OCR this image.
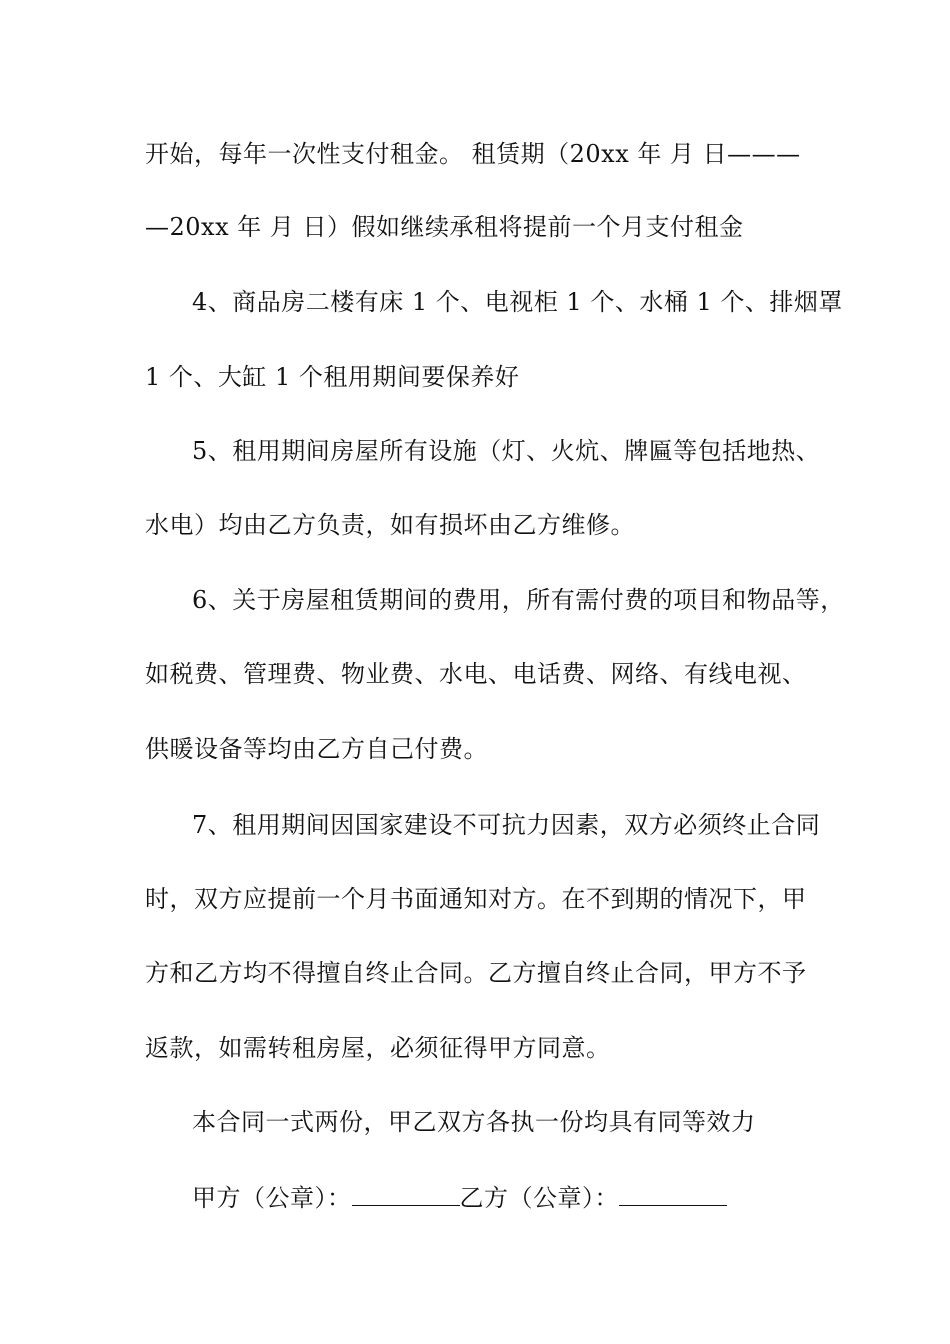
开始，每年一次性支付租金。 租赁期（20xx 年 月 日———
—20xx 年 月 日）假如继续承租将提前一个月支付租金
4、商品房二楼有床 1 个、电视柜 1 个、水桶 1 个、排烟罩
1 个、大缸 1 个租用期间要保养好
5、租用期间房屋所有设施（灯、火炕、牌匾等包括地热、
水电）均由乙方负责，如有损坏由乙方维修。
6、关于房屋租赁期间的费用，所有需付费的项目和物品等，
如税费、管理费、物业费、水电、电话费、网络、有线电视、
供暖设备等均由乙方自己付费。
7、租用期间因国家建设不可抗力因素，双方必须终止合同
时，双方应提前一个月书面通知对方。在不到期的情况下，甲
方和乙方均不得擅自终止合同。乙方擅自终止合同，甲方不予
返款，如需转租房屋，必须征得甲方同意。
本合同一式两份，甲乙双方各执一份均具有同等效力
甲方（公章）：	乙方（公章）：
